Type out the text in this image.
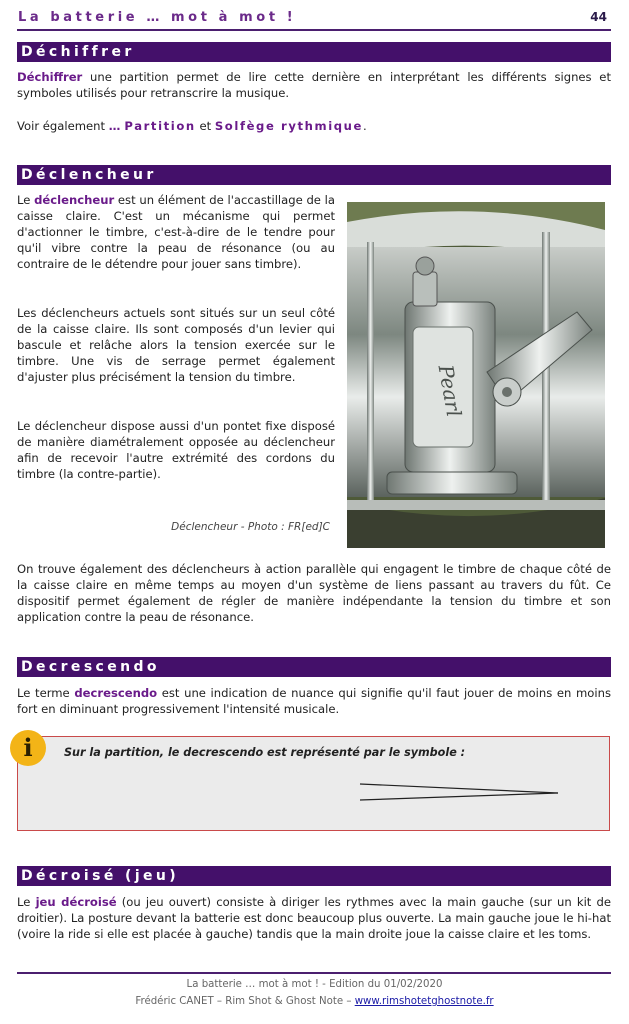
La batterie … mot à mot !	44
Déchiffrer
Déchiffrer une partition permet de lire cette dernière en interprétant les différents signes et symboles utilisés pour retranscrire la musique.
Voir également … Partition et Solfège rythmique.
Déclencheur
Le déclencheur est un élément de l'accastillage de la caisse claire. C'est un mécanisme qui permet d'actionner le timbre, c'est-à-dire de le tendre pour qu'il vibre contre la peau de résonance (ou au contraire de le détendre pour jouer sans timbre).
Les déclencheurs actuels sont situés sur un seul côté de la caisse claire. Ils sont composés d'un levier qui bascule et relâche alors la tension exercée sur le timbre. Une vis de serrage permet également d'ajuster plus précisément la tension du timbre.
Le déclencheur dispose aussi d'un pontet fixe disposé de manière diamétralement opposée au déclencheur afin de recevoir l'autre extrémité des cordons du timbre (la contre-partie).
Déclencheur - Photo : FR[ed]C
Pearl
On trouve également des déclencheurs à action parallèle qui engagent le timbre de chaque côté de la caisse claire en même temps au moyen d'un système de liens passant au travers du fût. Ce dispositif permet également de régler de manière indépendante la tension du timbre et son application contre la peau de résonance.
Decrescendo
Le terme decrescendo est une indication de nuance qui signifie qu'il faut jouer de moins en moins fort en diminuant progressivement l'intensité musicale.
i	Sur la partition, le decrescendo est représenté par le symbole :
Décroisé (jeu)
Le jeu décroisé (ou jeu ouvert) consiste à diriger les rythmes avec la main gauche (sur un kit de droitier). La posture devant la batterie est donc beaucoup plus ouverte. La main gauche joue le hi-hat (voire la ride si elle est placée à gauche) tandis que la main droite joue la caisse claire et les toms.
La batterie … mot à mot ! - Edition du 01/02/2020
Frédéric CANET – Rim Shot & Ghost Note – www.rimshotetghostnote.fr
